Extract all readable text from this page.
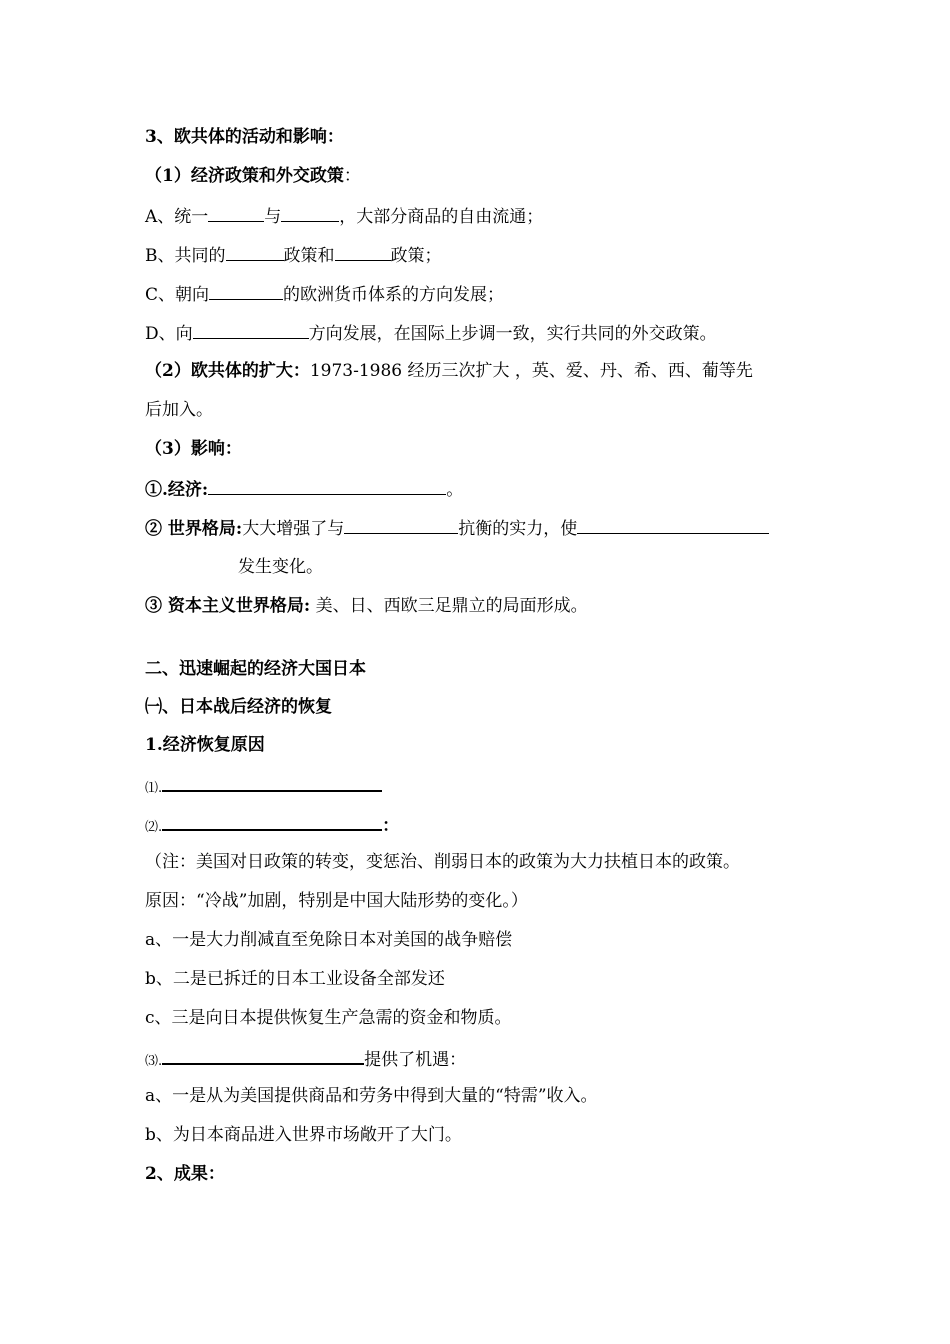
3、欧共体的活动和影响：
（1）经济政策和外交政策：
A、统一	与	，大部分商品的自由流通；
B、共同的	政策和	政策；
C、朝向	的欧洲货币体系的方向发展；
D、向	方向发展，在国际上步调一致，实行共同的外交政策。
（2）欧共体的扩大：1973-1986 经历三次扩大 ，英、爱、丹、希、西、葡等先
后加入。
（3）影响：
①.经济:	。
② 世界格局:大大增强了与	抗衡的实力，使
发生变化。
③ 资本主义世界格局: 美、日、西欧三足鼎立的局面形成。
二、迅速崛起的经济大国日本
㈠、日本战后经济的恢复
1.经济恢复原因
⑴.
⑵.	：
（注：美国对日政策的转变，变惩治、削弱日本的政策为大力扶植日本的政策。
原因：“冷战”加剧，特别是中国大陆形势的变化。）
a、一是大力削减直至免除日本对美国的战争赔偿
b、二是已拆迁的日本工业设备全部发还
c、三是向日本提供恢复生产急需的资金和物质。
⑶.	提供了机遇：
a、一是从为美国提供商品和劳务中得到大量的“特需”收入。
b、为日本商品进入世界市场敞开了大门。
2、成果：
